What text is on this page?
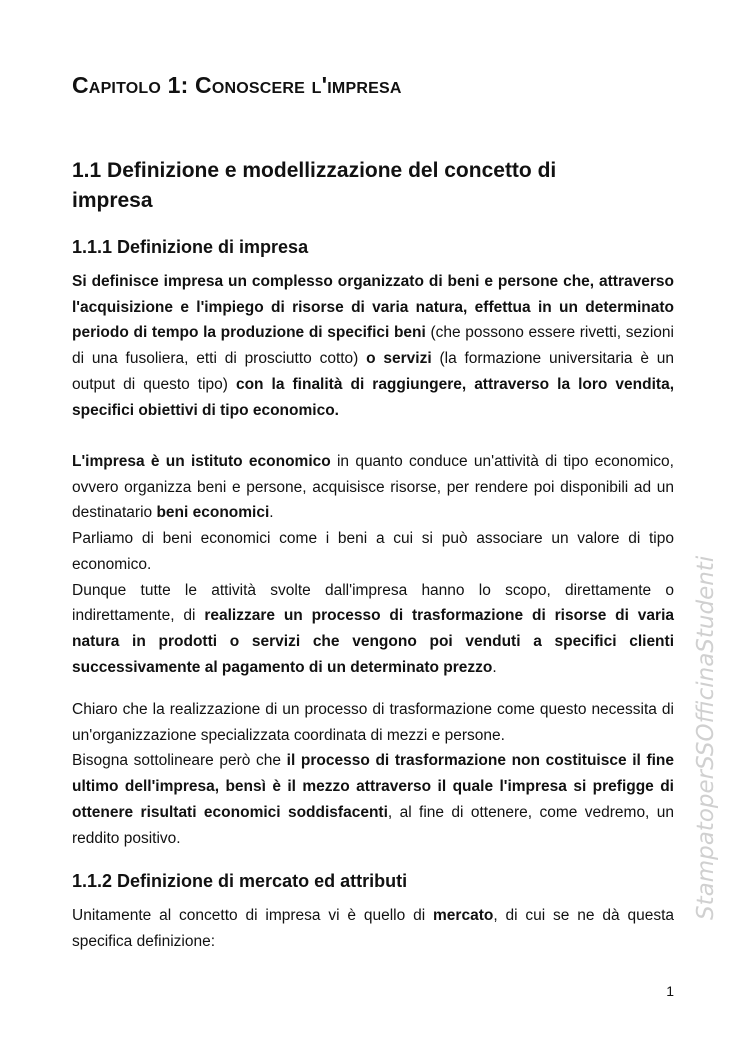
Capitolo 1: Conoscere l'impresa
1.1 Definizione e modellizzazione del concetto di impresa
1.1.1 Definizione di impresa

Si definisce impresa un complesso organizzato di beni e persone che, attraverso l'acquisizione e l'impiego di risorse di varia natura, effettua in un determinato periodo di tempo la produzione di specifici beni (che possono essere rivetti, sezioni di una fusoliera, etti di prosciutto cotto) o servizi (la formazione universitaria è un output di questo tipo) con la finalità di raggiungere, attraverso la loro vendita, specifici obiettivi di tipo economico.

L'impresa è un istituto economico in quanto conduce un'attività di tipo economico, ovvero organizza beni e persone, acquisisce risorse, per rendere poi disponibili ad un destinatario beni economici.
Parliamo di beni economici come i beni a cui si può associare un valore di tipo economico.
Dunque tutte le attività svolte dall'impresa hanno lo scopo, direttamente o indirettamente, di realizzare un processo di trasformazione di risorse di varia natura in prodotti o servizi che vengono poi venduti a specifici clienti successivamente al pagamento di un determinato prezzo.

Chiaro che la realizzazione di un processo di trasformazione come questo necessita di un'organizzazione specializzata coordinata di mezzi e persone.
Bisogna sottolineare però che il processo di trasformazione non costituisce il fine ultimo dell'impresa, bensì è il mezzo attraverso il quale l'impresa si prefigge di ottenere risultati economici soddisfacenti, al fine di ottenere, come vedremo, un reddito positivo.

1.1.2 Definizione di mercato ed attributi

Unitamente al concetto di impresa vi è quello di mercato, di cui se ne dà questa specifica definizione:

1
StampatoperSSOfficinaStudenti
